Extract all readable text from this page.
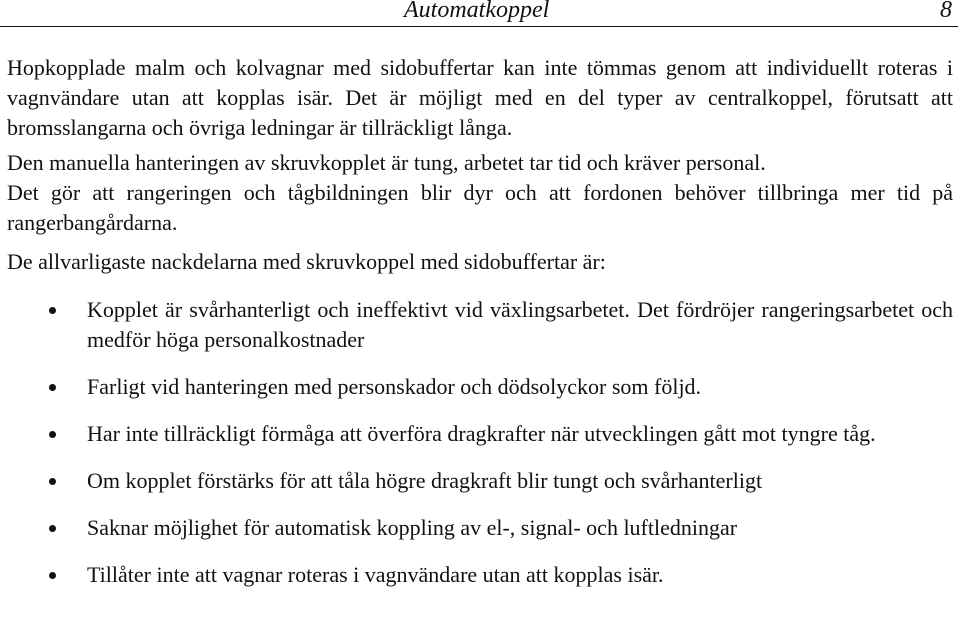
Automatkoppel	8

Hopkopplade malm och kolvagnar med sidobuffertar kan inte tömmas genom att individuellt roteras i vagnvändare utan att kopplas isär. Det är möjligt med en del typer av centralkoppel, förutsatt att bromsslangarna och övriga ledningar är tillräckligt långa.

Den manuella hanteringen av skruvkopplet är tung, arbetet tar tid och kräver personal.

Det gör att rangeringen och tågbildningen blir dyr och att fordonen behöver tillbringa mer tid på rangerbangårdarna.

De allvarligaste nackdelarna med skruvkoppel med sidobuffertar är:

Kopplet är svårhanterligt och ineffektivt vid växlingsarbetet. Det fördröjer rangeringsarbetet och medför höga personalkostnader
Farligt vid hanteringen med personskador och dödsolyckor som följd.
Har inte tillräckligt förmåga att överföra dragkrafter när utvecklingen gått mot tyngre tåg.
Om kopplet förstärks för att tåla högre dragkraft blir tungt och svårhanterligt
Saknar möjlighet för automatisk koppling av el-, signal- och luftledningar
Tillåter inte att vagnar roteras i vagnvändare utan att kopplas isär.
